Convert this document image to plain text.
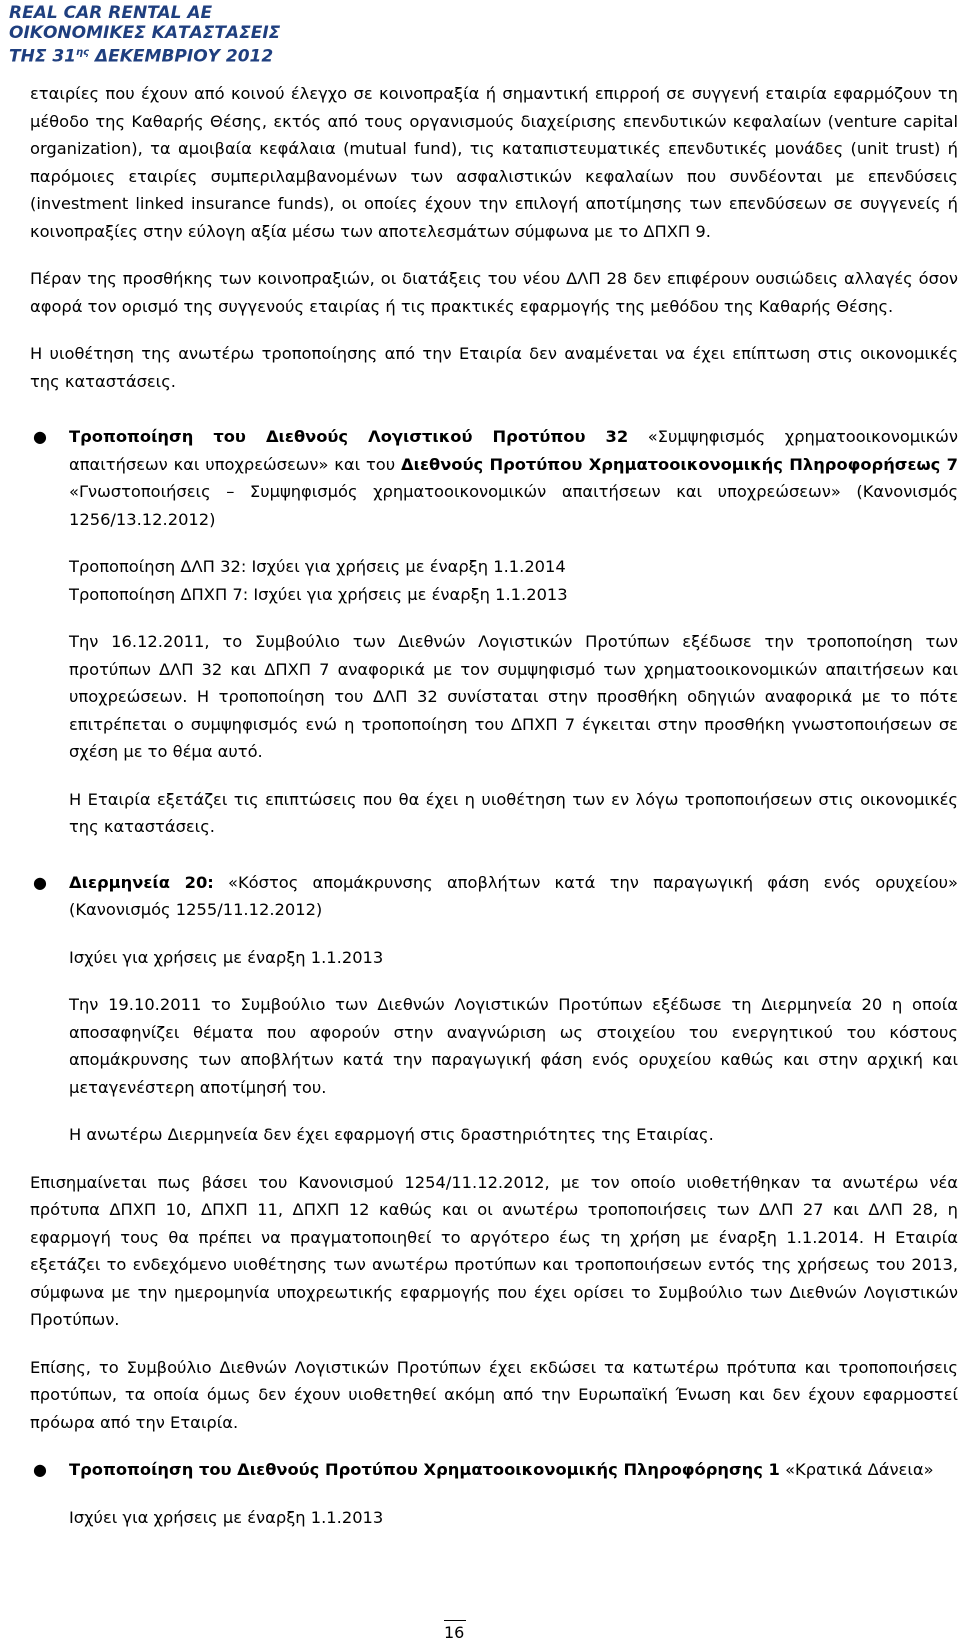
REAL CAR RENTAL AE
ΟΙΚΟΝΟΜΙΚΕΣ ΚΑΤΑΣΤΑΣΕΙΣ
ΤΗΣ $31^{\eta\varsigma}$ ΔΕΚΕΜΒΡΙΟΥ 2012

εταιρίες που έχουν από κοινού έλεγχο σε κοινοπραξία ή σημαντική επιρροή σε συγγενή εταιρία εφαρμόζουν τη μέθοδο της Καθαρής Θέσης, εκτός από τους οργανισμούς διαχείρισης επενδυτικών κεφαλαίων (venture capital organization), τα αμοιβαία κεφάλαια (mutual fund), τις καταπιστευματικές επενδυτικές μονάδες (unit trust) ή παρόμοιες εταιρίες συμπεριλαμβανομένων των ασφαλιστικών κεφαλαίων που συνδέονται με επενδύσεις (investment linked insurance funds), οι οποίες έχουν την επιλογή αποτίμησης των επενδύσεων σε συγγενείς ή κοινοπραξίες στην εύλογη αξία μέσω των αποτελεσμάτων σύμφωνα με το ΔΠΧΠ 9.

Πέραν της προσθήκης των κοινοπραξιών, οι διατάξεις του νέου ΔΛΠ 28 δεν επιφέρουν ουσιώδεις αλλαγές όσον αφορά τον ορισμό της συγγενούς εταιρίας ή τις πρακτικές εφαρμογής της μεθόδου της Καθαρής Θέσης.

Η υιοθέτηση της ανωτέρω τροποποίησης από την Εταιρία δεν αναμένεται να έχει επίπτωση στις οικονομικές της καταστάσεις.

● Τροποποίηση του Διεθνούς Λογιστικού Προτύπου 32 «Συμψηφισμός χρηματοοικονομικών απαιτήσεων και υποχρεώσεων» και του Διεθνούς Προτύπου Χρηματοοικονομικής Πληροφορήσεως 7 «Γνωστοποιήσεις – Συμψηφισμός χρηματοοικονομικών απαιτήσεων και υποχρεώσεων» (Κανονισμός 1256/13.12.2012)

Τροποποίηση ΔΛΠ 32: Ισχύει για χρήσεις με έναρξη 1.1.2014

Τροποποίηση ΔΠΧΠ 7: Ισχύει για χρήσεις με έναρξη 1.1.2013

Την 16.12.2011, το Συμβούλιο των Διεθνών Λογιστικών Προτύπων εξέδωσε την τροποποίηση των προτύπων ΔΛΠ 32 και ΔΠΧΠ 7 αναφορικά με τον συμψηφισμό των χρηματοοικονομικών απαιτήσεων και υποχρεώσεων. Η τροποποίηση του ΔΛΠ 32 συνίσταται στην προσθήκη οδηγιών αναφορικά με το πότε επιτρέπεται ο συμψηφισμός ενώ η τροποποίηση του ΔΠΧΠ 7 έγκειται στην προσθήκη γνωστοποιήσεων σε σχέση με το θέμα αυτό.

Η Εταιρία εξετάζει τις επιπτώσεις που θα έχει η υιοθέτηση των εν λόγω τροποποιήσεων στις οικονομικές της καταστάσεις.

● Διερμηνεία 20: «Κόστος απομάκρυνσης αποβλήτων κατά την παραγωγική φάση ενός ορυχείου» (Κανονισμός 1255/11.12.2012)

Ισχύει για χρήσεις με έναρξη 1.1.2013

Την 19.10.2011 το Συμβούλιο των Διεθνών Λογιστικών Προτύπων εξέδωσε τη Διερμηνεία 20 η οποία αποσαφηνίζει θέματα που αφορούν στην αναγνώριση ως στοιχείου του ενεργητικού του κόστους απομάκρυνσης των αποβλήτων κατά την παραγωγική φάση ενός ορυχείου καθώς και στην αρχική και μεταγενέστερη αποτίμησή του.

Η ανωτέρω Διερμηνεία δεν έχει εφαρμογή στις δραστηριότητες της Εταιρίας.

Επισημαίνεται πως βάσει του Κανονισμού 1254/11.12.2012, με τον οποίο υιοθετήθηκαν τα ανωτέρω νέα πρότυπα ΔΠΧΠ 10, ΔΠΧΠ 11, ΔΠΧΠ 12 καθώς και οι ανωτέρω τροποποιήσεις των ΔΛΠ 27 και ΔΛΠ 28, η εφαρμογή τους θα πρέπει να πραγματοποιηθεί το αργότερο έως τη χρήση με έναρξη 1.1.2014. Η Εταιρία εξετάζει το ενδεχόμενο υιοθέτησης των ανωτέρω προτύπων και τροποποιήσεων εντός της χρήσεως του 2013, σύμφωνα με την ημερομηνία υποχρεωτικής εφαρμογής που έχει ορίσει το Συμβούλιο των Διεθνών Λογιστικών Προτύπων.

Επίσης, το Συμβούλιο Διεθνών Λογιστικών Προτύπων έχει εκδώσει τα κατωτέρω πρότυπα και τροποποιήσεις προτύπων, τα οποία όμως δεν έχουν υιοθετηθεί ακόμη από την Ευρωπαϊκή Ένωση και δεν έχουν εφαρμοστεί πρόωρα από την Εταιρία.

● Τροποποίηση του Διεθνούς Προτύπου Χρηματοοικονομικής Πληροφόρησης 1 «Κρατικά Δάνεια»

Ισχύει για χρήσεις με έναρξη 1.1.2013

16
